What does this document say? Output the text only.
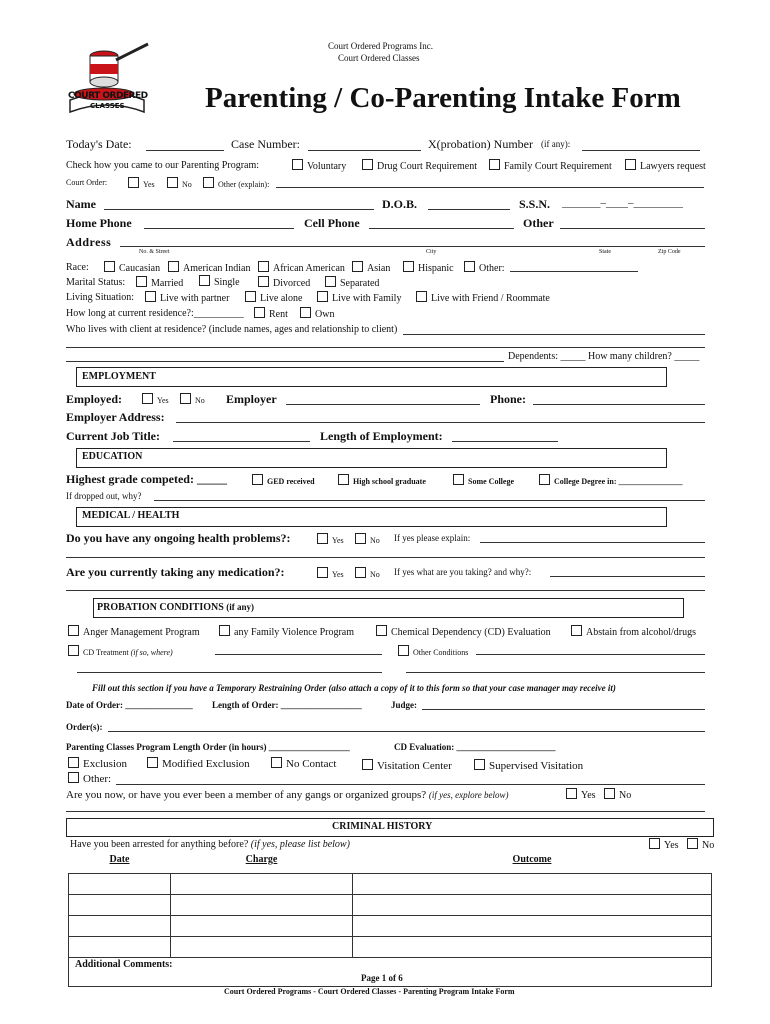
COURT ORDERED
CLASSES
Court Ordered Programs Inc.
Court Ordered Classes
Parenting / Co-Parenting Intake Form
Today's Date:	Case Number:	X(probation) Number (if any):
Check how you came to our Parenting Program:	Voluntary	Drug Court Requirement	Family Court Requirement	Lawyers request
Court Order:	Yes	No	Other (explain):
Name	D.O.B.	S.S.N. _______–____–_________
Home Phone	Cell Phone	Other
Address
No. & Street	City	State	Zip Code
Race:	Caucasian	American Indian	African American	Asian	Hispanic	Other:
Marital Status:	Married	Single	Divorced	Separated
Living Situation:	Live with partner	Live alone	Live with Family	Live with Friend / Roommate
How long at current residence?:__________	Rent	Own
Who lives with client at residence? (include names, ages and relationship to client)
Dependents: _____ How many children? _____
EMPLOYMENT
Employed:	Yes	No Employer	Phone:
Employer Address:
Current Job Title:	Length of Employment:
EDUCATION
Highest grade competed: _____	GED received	High school graduate	Some College	College Degree in: ________________
If dropped out, why?
MEDICAL / HEALTH
Do you have any ongoing health problems?:	Yes	No If yes please explain:
Are you currently taking any medication?:	Yes	No If yes what are you taking? and why?:
PROBATION CONDITIONS (if any)
Anger Management Program	any Family Violence Program	Chemical Dependency (CD) Evaluation	Abstain from alcohol/drugs
CD Treatment (if so, where)	Other Conditions
Fill out this section if you have a Temporary Restraining Order (also attach a copy of it to this form so that your case manager may receive it)
Date of Order: _______________ Length of Order: __________________	Judge:
Order(s):
Parenting Classes Program Length Order (in hours) __________________	CD Evaluation: ______________________
Exclusion	Modified Exclusion	No Contact	Visitation Center	Supervised Visitation
Other:
Are you now, or have you ever been a member of any gangs or organized groups? (if yes, explore below)	Yes	No
CRIMINAL HISTORY
Have you been arrested for anything before? (if yes, please list below)	Yes	No
Date	Charge	Outcome

Additional Comments:		
Page 1 of 6
Court Ordered Programs - Court Ordered Classes - Parenting Program Intake Form
